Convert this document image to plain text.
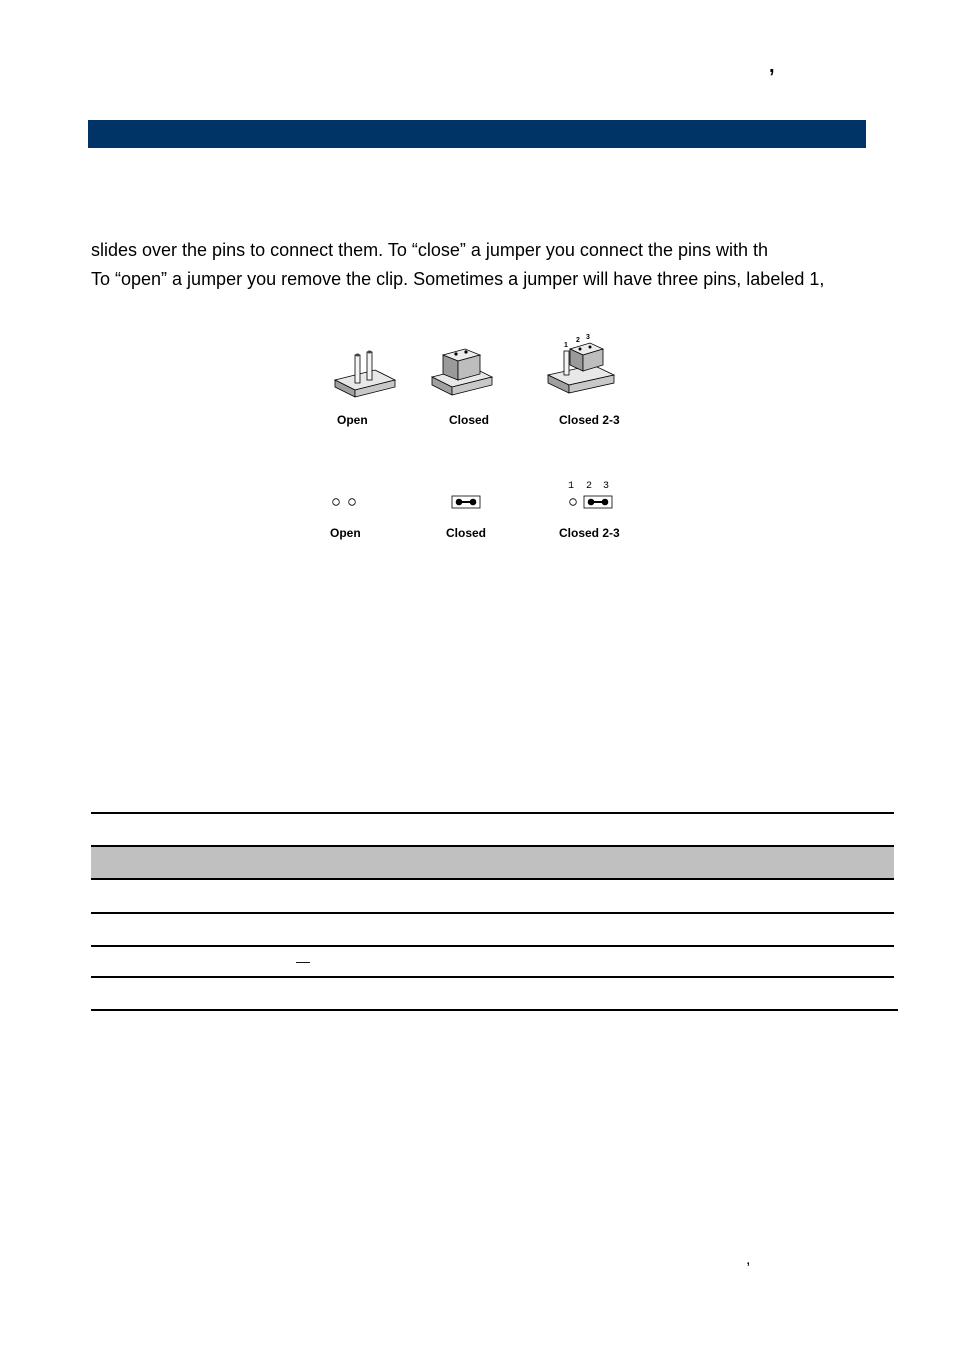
,
slides over the pins to connect them. To “close” a jumper you connect the pins with th
To “open” a jumper you remove the clip. Sometimes a jumper will have three pins, labeled 1,
1
2 3
Open	Closed	Closed 2-3
1 2 3
Open	Closed	Closed 2-3
—
,
